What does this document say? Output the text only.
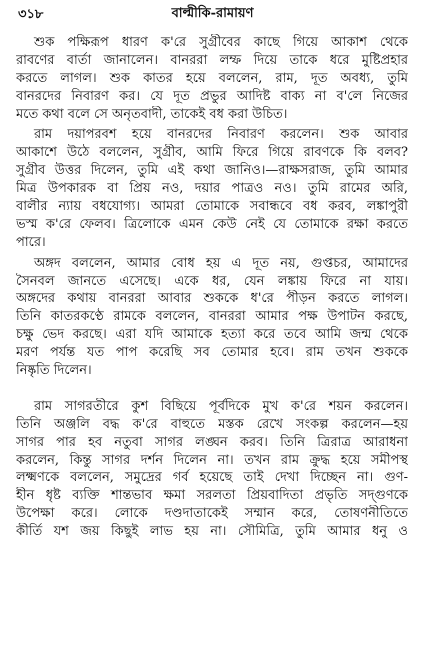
বাল্মীকি-রামায়ণ
৩১৮
শুক পক্ষিরূপ ধারণ ক'রে সুগ্রীবের কাছে গিয়ে আকাশ থেকে
রাবণের বার্তা জানালেন। বানররা লম্ফ দিয়ে তাকে ধরে মুষ্টিপ্রহার
করতে লাগল। শুক কাতর হয়ে বললেন, রাম, দূত অবধ্য, তুমি
বানরদের নিবারণ কর। যে দূত প্রভুর আদিষ্ট বাক্য না ব'লে নিজের
মতে কথা বলে সে অনৃতবাদী, তাকেই বধ করা উচিত।
রাম দয়াপরবশ হয়ে বানরদের নিবারণ করলেন। শুক আবার
আকাশে উঠে বললেন, সুগ্রীব, আমি ফিরে গিয়ে রাবণকে কি বলব?
সুগ্রীব উত্তর দিলেন, তুমি এই কথা জানিও।—রাক্ষসরাজ, তুমি আমার
মিত্র উপকারক বা প্রিয় নও, দয়ার পাত্রও নও। তুমি রামের অরি,
বালীর ন্যায় বধযোগ্য। আমরা তোমাকে সবান্ধবে বধ করব, লঙ্কাপুরী
ভস্ম ক'রে ফেলব। ত্রিলোকে এমন কেউ নেই যে তোমাকে রক্ষা করতে
পারে।
অঙ্গদ বললেন, আমার বোধ হয় এ দূত নয়, গুপ্তচর, আমাদের
সৈনবল জানতে এসেছে। একে ধর, যেন লঙ্কায় ফিরে না যায়।
অঙ্গদের কথায় বানররা আবার শুককে ধ'রে পীড়ন করতে লাগল।
তিনি কাতরকণ্ঠে রামকে বললেন, বানররা আমার পক্ষ উপাটন করছে,
চক্ষু ভেদ করছে। এরা যদি আমাকে হত্যা করে তবে আমি জন্ম থেকে
মরণ পর্যন্ত যত পাপ করেছি সব তোমার হবে। রাম তখন শুককে
নিষ্কৃতি দিলেন।
রাম সাগরতীরে কুশ বিছিয়ে পূর্বদিকে মুখ ক'রে শয়ন করলেন।
তিনি অঞ্জলি বদ্ধ ক'রে বাহুতে মস্তক রেখে সংকল্প করলেন—হয়
সাগর পার হব নতুবা সাগর লঙ্ঘন করব। তিনি ত্রিরাত্র আরাধনা
করলেন, কিন্তু সাগর দর্শন দিলেন না। তখন রাম ক্রুদ্ধ হয়ে সমীপস্থ
লক্ষ্মণকে বললেন, সমুদ্রের গর্ব হয়েছে তাই দেখা দিচ্ছেন না। গুণ-
হীন ধৃষ্ট ব্যক্তি শান্তভাব ক্ষমা সরলতা প্রিয়বাদিতা প্রভৃতি সদ্গুণকে
উপেক্ষা করে। লোকে দণ্ডদাতাকেই সম্মান করে, তোষণনীতিতে
কীর্তি যশ জয় কিছুই লাভ হয় না। সৌমিত্রি, তুমি আমার ধনু ও
